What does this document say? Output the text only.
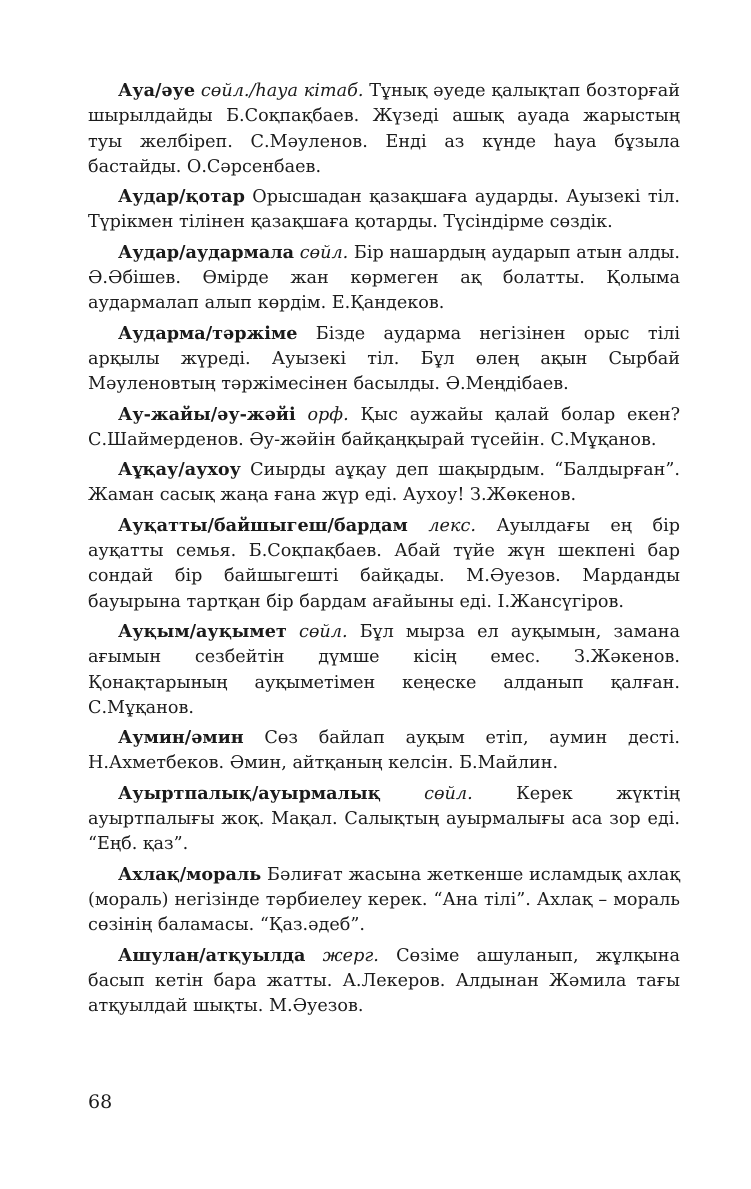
Ауа/әуе сөйл./һауа кітаб. Тұнық әуеде қалықтап бозторғай шырылдайды Б.Соқпақбаев. Жүзеді ашық ауада жарыстың туы желбіреп. С.Мәуленов. Енді аз күнде һауа бұзыла бастайды. О.Сәрсенбаев.

Аудар/қотар Орысшадан қазақшаға аударды. Ауызекі тіл. Түрікмен тілінен қазақшаға қотарды. Түсіндірме сөздік.

Аудар/аудармала сөйл. Бір нашардың аударып атын алды. Ә.Әбішев. Өмірде жан көрмеген ақ болатты. Қолыма аудармалап алып көрдім. Е.Қандеков.

Аударма/тәржіме Бізде аударма негізінен орыс тілі арқылы жүреді. Ауызекі тіл. Бұл өлең ақын Сырбай Мәуленовтың тәржімесінен басылды. Ә.Меңдібаев.

Ау-жайы/әу-жәйі орф. Қыс аужайы қалай болар екен? С.Шаймерденов. Әу-жәйін байқаңқырай түсейін. С.Мұқанов.

Аұқау/аухоу Сиырды аұқау деп шақырдым. “Балдырған”. Жаман сасық жаңа ғана жүр еді. Аухоу! З.Жөкенов.

Ауқатты/байшыгеш/бардам лекс. Ауылдағы ең бір ауқатты семья. Б.Соқпақбаев. Абай түйе жүн шекпені бар сондай бір байшыгешті байқады. М.Әуезов. Марданды бауырына тартқан бір бардам ағайыны еді. І.Жансүгіров.

Ауқым/ауқымет сөйл. Бұл мырза ел ауқымын, замана ағымын сезбейтін дүмше кісің емес. З.Жәкенов. Қонақтарының ауқыметімен кеңеске алданып қалған. С.Мұқанов.

Аумин/әмин Сөз байлап ауқым етіп, аумин десті. Н.Ахметбеков. Әмин, айтқаның келсін. Б.Майлин.

Ауыртпалық/ауырмалық сөйл. Керек жүктің ауыртпалығы жоқ. Мақал. Салықтың ауырмалығы аса зор еді. “Еңб. қаз”.

Ахлақ/мораль Бәлиғат жасына жеткенше исламдық ахлақ (мораль) негізінде тәрбиелеу керек. “Ана тілі”. Ахлақ – мораль сөзінің баламасы. “Қаз.әдеб”.

Ашулан/атқуылда жерг. Сөзіме ашуланып, жұлқына басып кетін бара жатты. А.Лекеров. Алдынан Жәмила тағы атқуылдай шықты. М.Әуезов.

68
